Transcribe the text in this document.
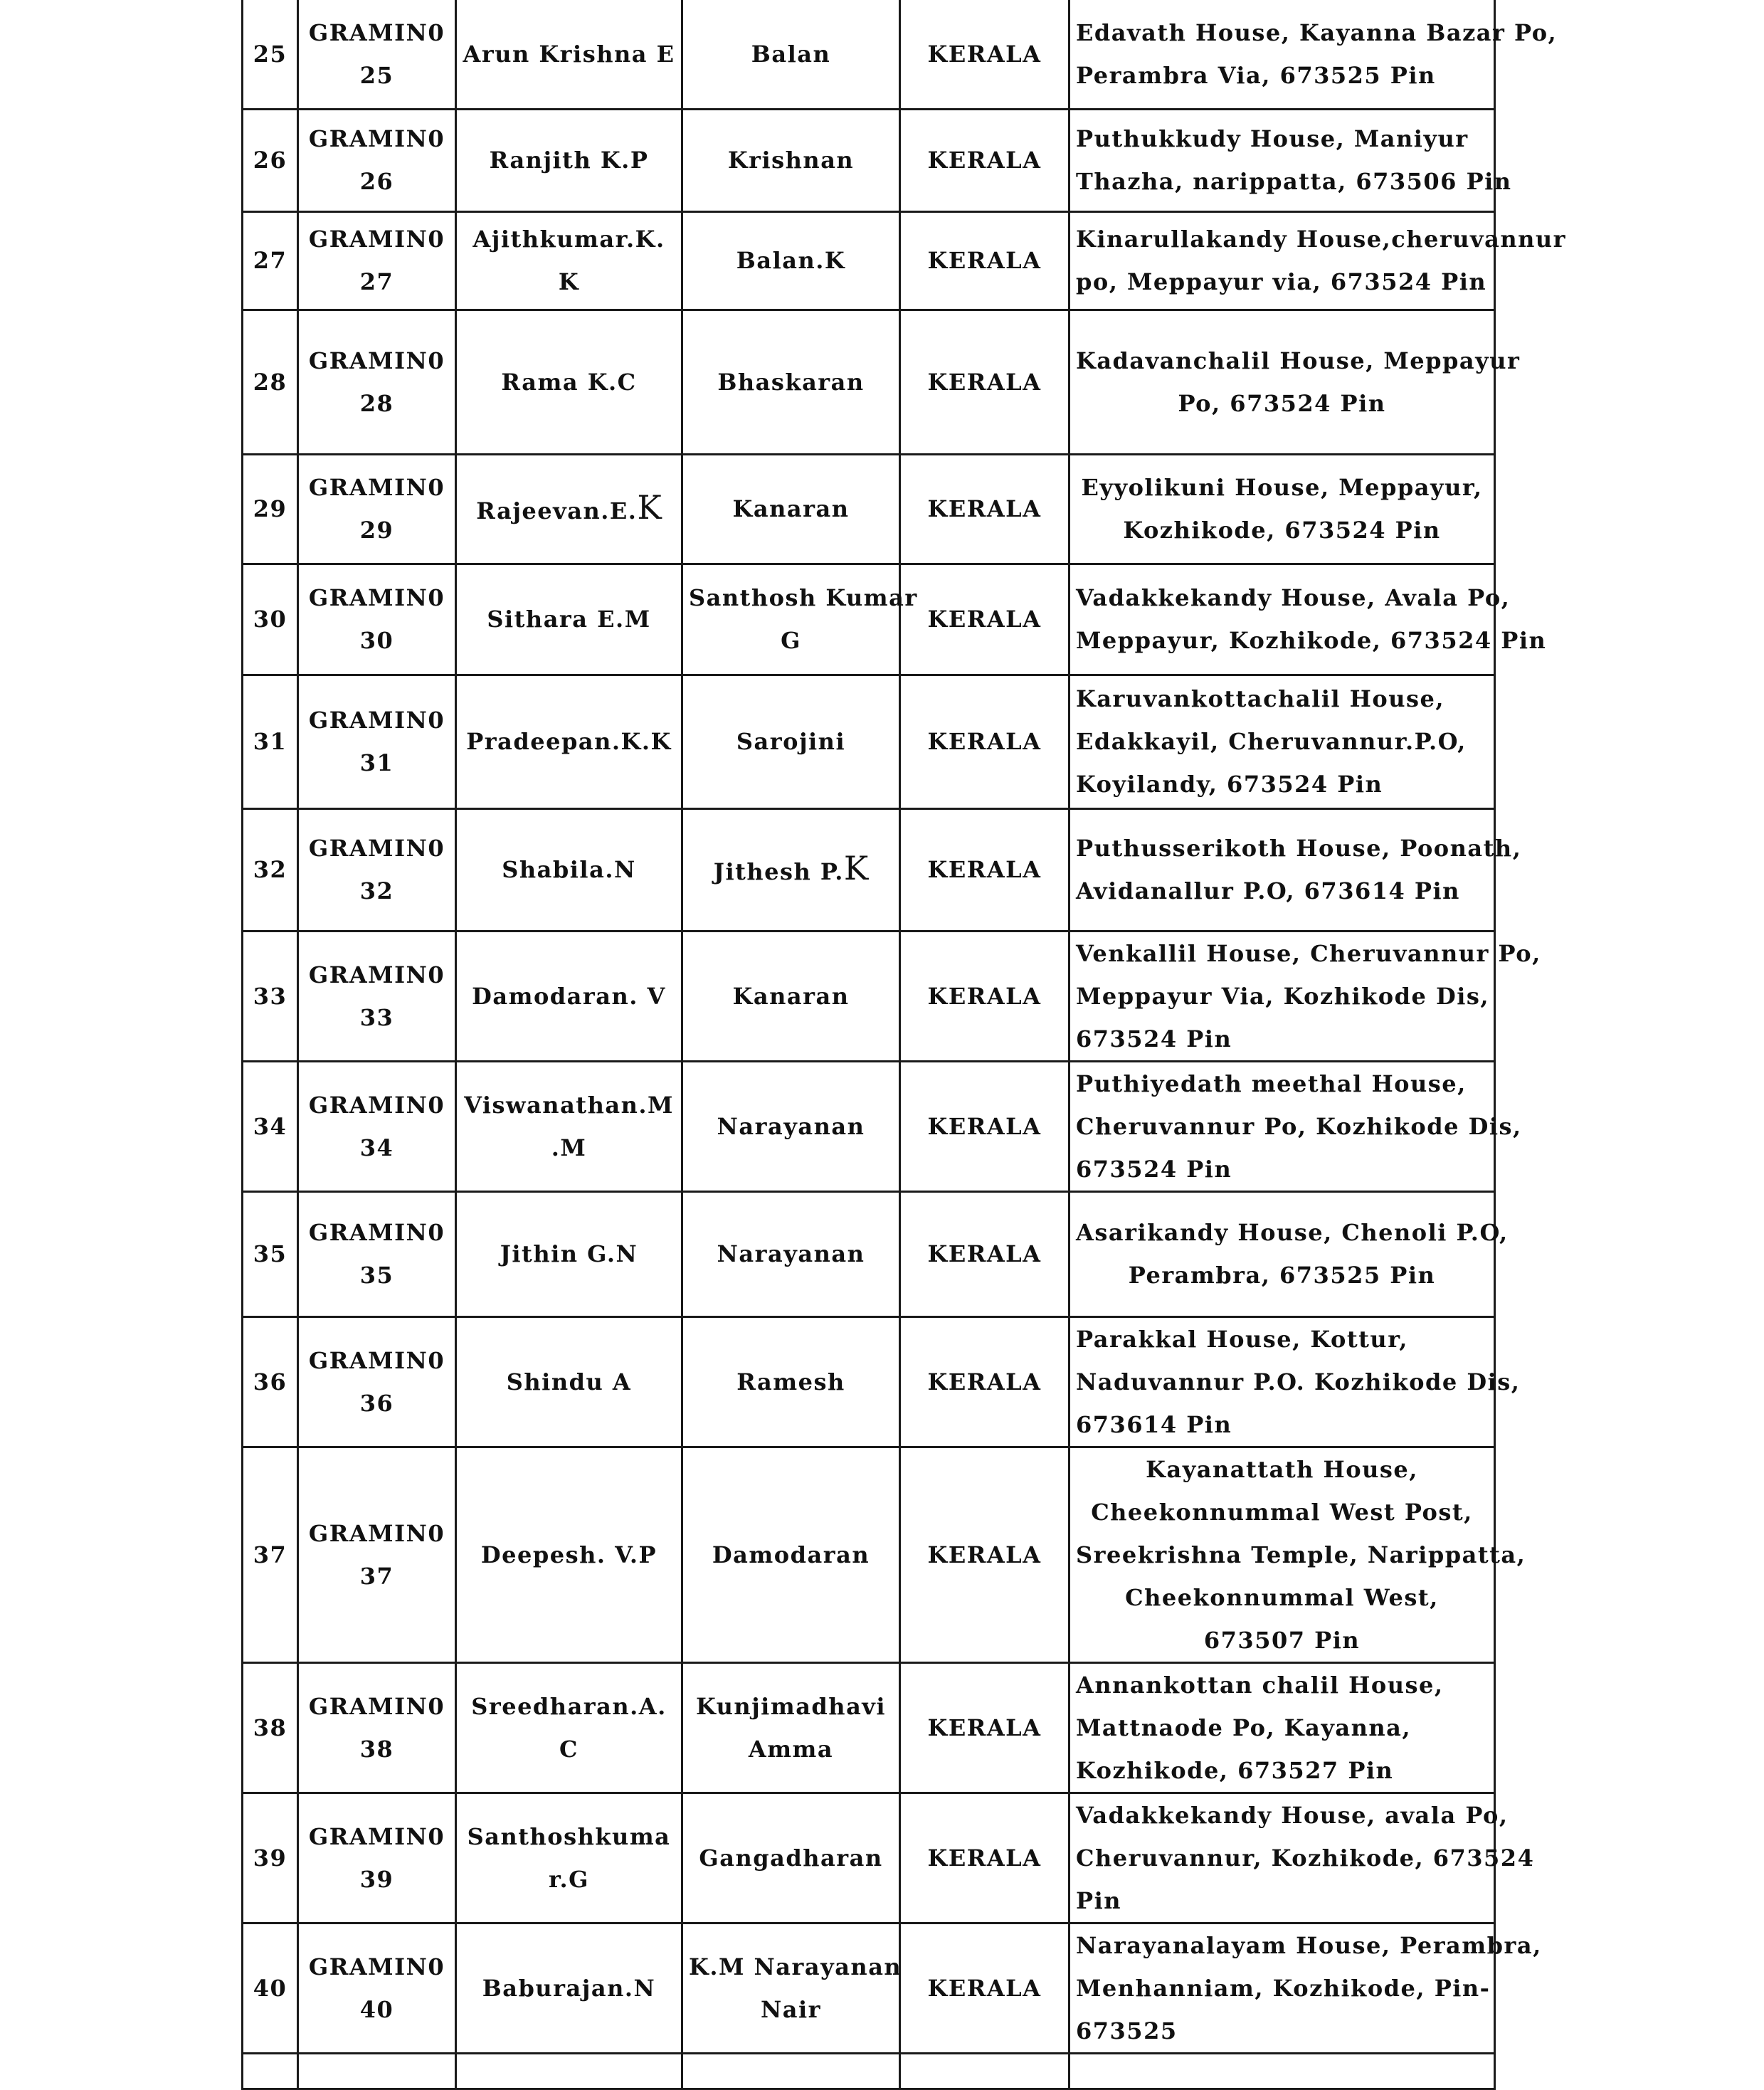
25	GRAMIN025	Arun Krishna E	Balan	KERALA	Edavath House, Kayanna Bazar Po,
Perambra Via, 673525 Pin

26	GRAMIN026	Ranjith K.P	Krishnan	KERALA	Puthukkudy House, Maniyur
Thazha, narippatta, 673506 Pin

27	GRAMIN027	Ajithkumar.K.K	Balan.K	KERALA	Kinarullakandy House,cheruvannur
po, Meppayur via, 673524 Pin

28	GRAMIN028	Rama K.C	Bhaskaran	KERALA	Kadavanchalil House, Meppayur
Po, 673524 Pin

29	GRAMIN029	Rajeevan.E.K	Kanaran	KERALA	Eyyolikuni House, Meppayur,
Kozhikode, 673524 Pin

30	GRAMIN030	Sithara E.M	Santhosh Kumar
G	KERALA	Vadakkekandy House, Avala Po,
Meppayur, Kozhikode, 673524 Pin

31	GRAMIN031	Pradeepan.K.K	Sarojini	KERALA	Karuvankottachalil House,
Edakkayil, Cheruvannur.P.O,
Koyilandy, 673524 Pin

32	GRAMIN032	Shabila.N	Jithesh P.K	KERALA	Puthusserikoth House, Poonath,
Avidanallur P.O, 673614 Pin

33	GRAMIN033	Damodaran. V	Kanaran	KERALA	Venkallil House, Cheruvannur Po,
Meppayur Via, Kozhikode Dis,
673524 Pin

34	GRAMIN034	Viswanathan.M.M	Narayanan	KERALA	Puthiyedath meethal House,
Cheruvannur Po, Kozhikode Dis,
673524 Pin

35	GRAMIN035	Jithin G.N	Narayanan	KERALA	Asarikandy House, Chenoli P.O,
Perambra, 673525 Pin

36	GRAMIN036	Shindu A	Ramesh	KERALA	Parakkal House, Kottur,
Naduvannur P.O. Kozhikode Dis,
673614 Pin

37	GRAMIN037	Deepesh. V.P	Damodaran	KERALA	Kayanattath House,
Cheekonnummal West Post,
Sreekrishna Temple, Narippatta,
Cheekonnummal West,
673507 Pin

38	GRAMIN038	Sreedharan.A.C	Kunjimadhavi
Amma	KERALA	Annankottan chalil House,
Mattnaode Po, Kayanna,
Kozhikode, 673527 Pin

39	GRAMIN039	Santhoshkumar.G	Gangadharan	KERALA	Vadakkekandy House, avala Po,
Cheruvannur, Kozhikode, 673524
Pin

40	GRAMIN040	Baburajan.N	K.M Narayanan
Nair	KERALA	Narayanalayam House, Perambra,
Menhanniam, Kozhikode, Pin-
673525
